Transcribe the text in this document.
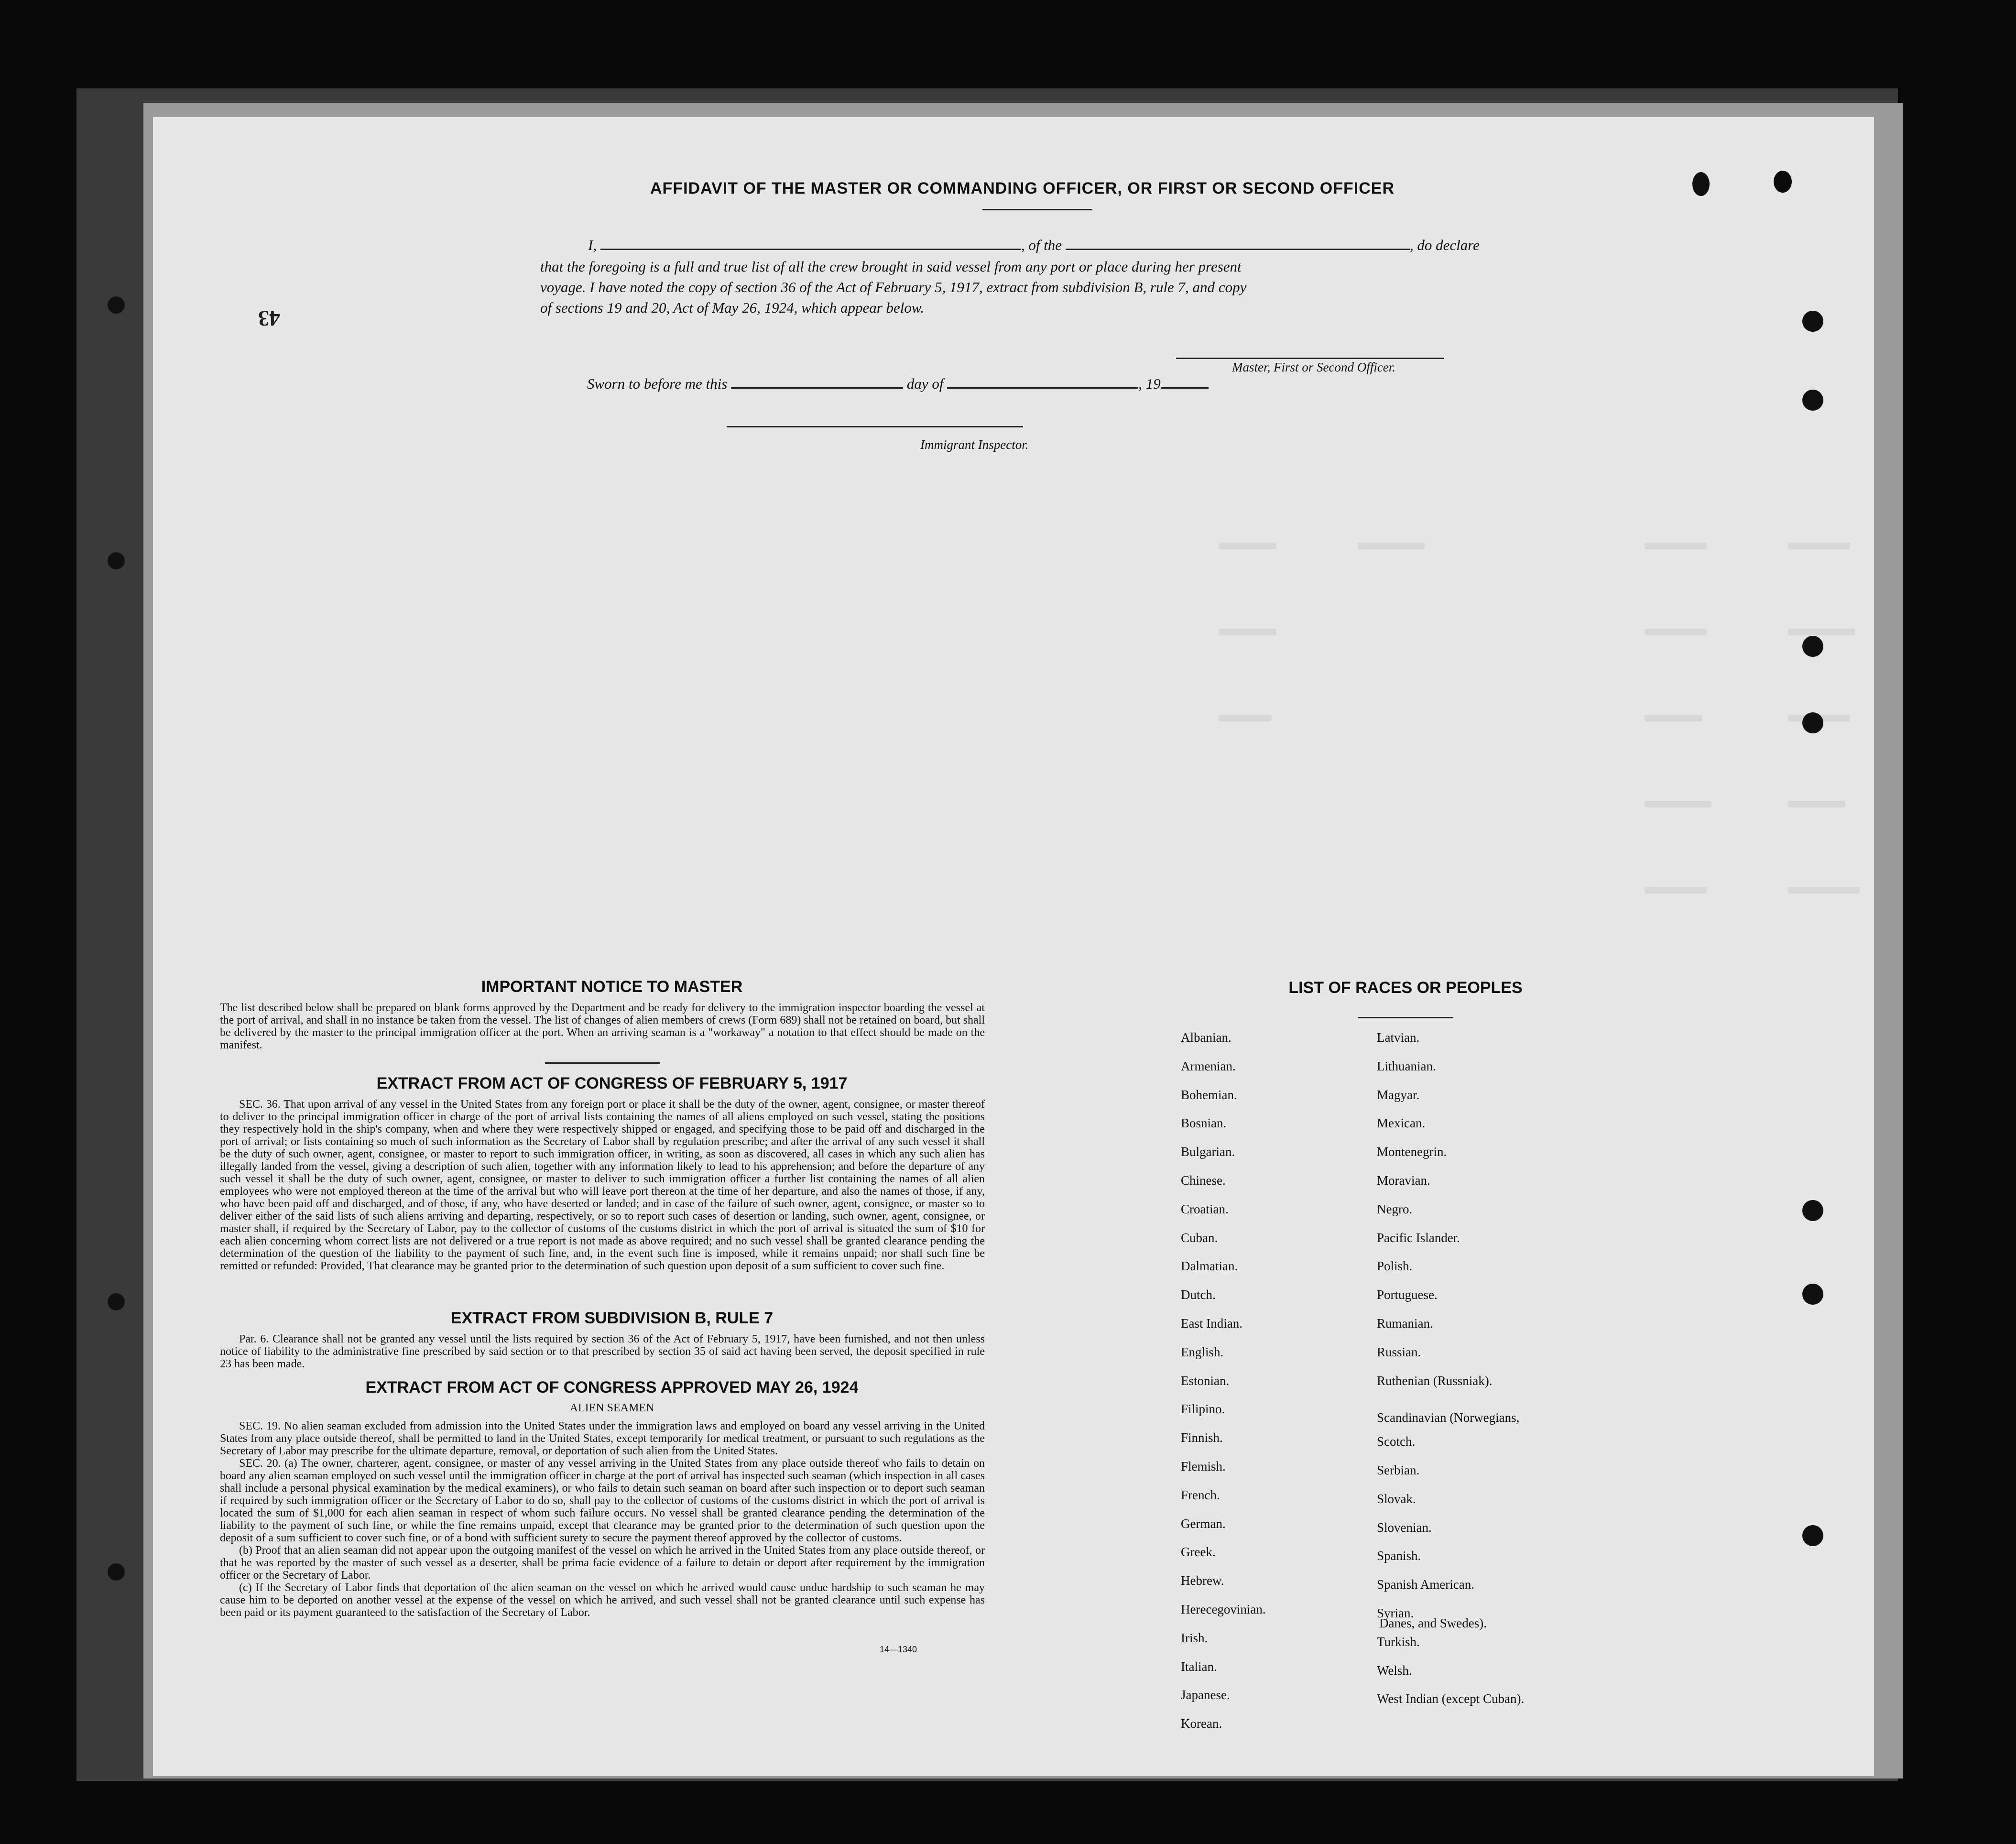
43
AFFIDAVIT OF THE MASTER OR COMMANDING OFFICER, OR FIRST OR SECOND OFFICER
I,	, of the	, do declare
that the foregoing is a full and true list of all the crew brought in said vessel from any port or place during her present
voyage. I have noted the copy of section 36 of the Act of February 5, 1917, extract from subdivision B, rule 7, and copy
of sections 19 and 20, Act of May 26, 1924, which appear below.
Master, First or Second Officer.
Sworn to before me this	day of	, 19
Immigrant Inspector.
IMPORTANT NOTICE TO MASTER
The list described below shall be prepared on blank forms approved by the Department and be ready for delivery to the immigration inspector boarding the vessel at the port of arrival, and shall in no instance be taken from the vessel. The list of changes of alien members of crews (Form 689) shall not be retained on board, but shall be delivered by the master to the principal immigration officer at the port. When an arriving seaman is a "workaway" a notation to that effect should be made on the manifest.
EXTRACT FROM ACT OF CONGRESS OF FEBRUARY 5, 1917
SEC. 36. That upon arrival of any vessel in the United States from any foreign port or place it shall be the duty of the owner, agent, consignee, or master thereof to deliver to the principal immigration officer in charge of the port of arrival lists containing the names of all aliens employed on such vessel, stating the positions they respectively hold in the ship's company, when and where they were respectively shipped or engaged, and specifying those to be paid off and discharged in the port of arrival; or lists containing so much of such information as the Secretary of Labor shall by regulation prescribe; and after the arrival of any such vessel it shall be the duty of such owner, agent, consignee, or master to report to such immigration officer, in writing, as soon as discovered, all cases in which any such alien has illegally landed from the vessel, giving a description of such alien, together with any information likely to lead to his apprehension; and before the departure of any such vessel it shall be the duty of such owner, agent, consignee, or master to deliver to such immigration officer a further list containing the names of all alien employees who were not employed thereon at the time of the arrival but who will leave port thereon at the time of her departure, and also the names of those, if any, who have been paid off and discharged, and of those, if any, who have deserted or landed; and in case of the failure of such owner, agent, consignee, or master so to deliver either of the said lists of such aliens arriving and departing, respectively, or so to report such cases of desertion or landing, such owner, agent, consignee, or master shall, if required by the Secretary of Labor, pay to the collector of customs of the customs district in which the port of arrival is situated the sum of $10 for each alien concerning whom correct lists are not delivered or a true report is not made as above required; and no such vessel shall be granted clearance pending the determination of the question of the liability to the payment of such fine, and, in the event such fine is imposed, while it remains unpaid; nor shall such fine be remitted or refunded: Provided, That clearance may be granted prior to the determination of such question upon deposit of a sum sufficient to cover such fine.
EXTRACT FROM SUBDIVISION B, RULE 7
Par. 6. Clearance shall not be granted any vessel until the lists required by section 36 of the Act of February 5, 1917, have been furnished, and not then unless notice of liability to the administrative fine prescribed by said section or to that prescribed by section 35 of said act having been served, the deposit specified in rule 23 has been made.
EXTRACT FROM ACT OF CONGRESS APPROVED MAY 26, 1924
ALIEN SEAMEN
SEC. 19. No alien seaman excluded from admission into the United States under the immigration laws and employed on board any vessel arriving in the United States from any place outside thereof, shall be permitted to land in the United States, except temporarily for medical treatment, or pursuant to such regulations as the Secretary of Labor may prescribe for the ultimate departure, removal, or deportation of such alien from the United States.
SEC. 20. (a) The owner, charterer, agent, consignee, or master of any vessel arriving in the United States from any place outside thereof who fails to detain on board any alien seaman employed on such vessel until the immigration officer in charge at the port of arrival has inspected such seaman (which inspection in all cases shall include a personal physical examination by the medical examiners), or who fails to detain such seaman on board after such inspection or to deport such seaman if required by such immigration officer or the Secretary of Labor to do so, shall pay to the collector of customs of the customs district in which the port of arrival is located the sum of $1,000 for each alien seaman in respect of whom such failure occurs. No vessel shall be granted clearance pending the determination of the liability to the payment of such fine, or while the fine remains unpaid, except that clearance may be granted prior to the determination of such question upon the deposit of a sum sufficient to cover such fine, or of a bond with sufficient surety to secure the payment thereof approved by the collector of customs.
(b) Proof that an alien seaman did not appear upon the outgoing manifest of the vessel on which he arrived in the United States from any place outside thereof, or that he was reported by the master of such vessel as a deserter, shall be prima facie evidence of a failure to detain or deport after requirement by the immigration officer or the Secretary of Labor.
(c) If the Secretary of Labor finds that deportation of the alien seaman on the vessel on which he arrived would cause undue hardship to such seaman he may cause him to be deported on another vessel at the expense of the vessel on which he arrived, and such vessel shall not be granted clearance until such expense has been paid or its payment guaranteed to the satisfaction of the Secretary of Labor.
14—1340
LIST OF RACES OR PEOPLES
Danes, and Swedes).
Albanian.
Armenian.
Bohemian.
Bosnian.
Bulgarian.
Chinese.
Croatian.
Cuban.
Dalmatian.
Dutch.
East Indian.
English.
Estonian.
Filipino.
Finnish.
Flemish.
French.
German.
Greek.
Hebrew.
Herecegovinian.
Irish.
Italian.
Japanese.
Korean.
Latvian.
Lithuanian.
Magyar.
Mexican.
Montenegrin.
Moravian.
Negro.
Pacific Islander.
Polish.
Portuguese.
Rumanian.
Russian.
Ruthenian (Russniak).
Scandinavian (Norwegians,
Scotch.
Serbian.
Slovak.
Slovenian.
Spanish.
Spanish American.
Syrian.
Turkish.
Welsh.
West Indian (except Cuban).
